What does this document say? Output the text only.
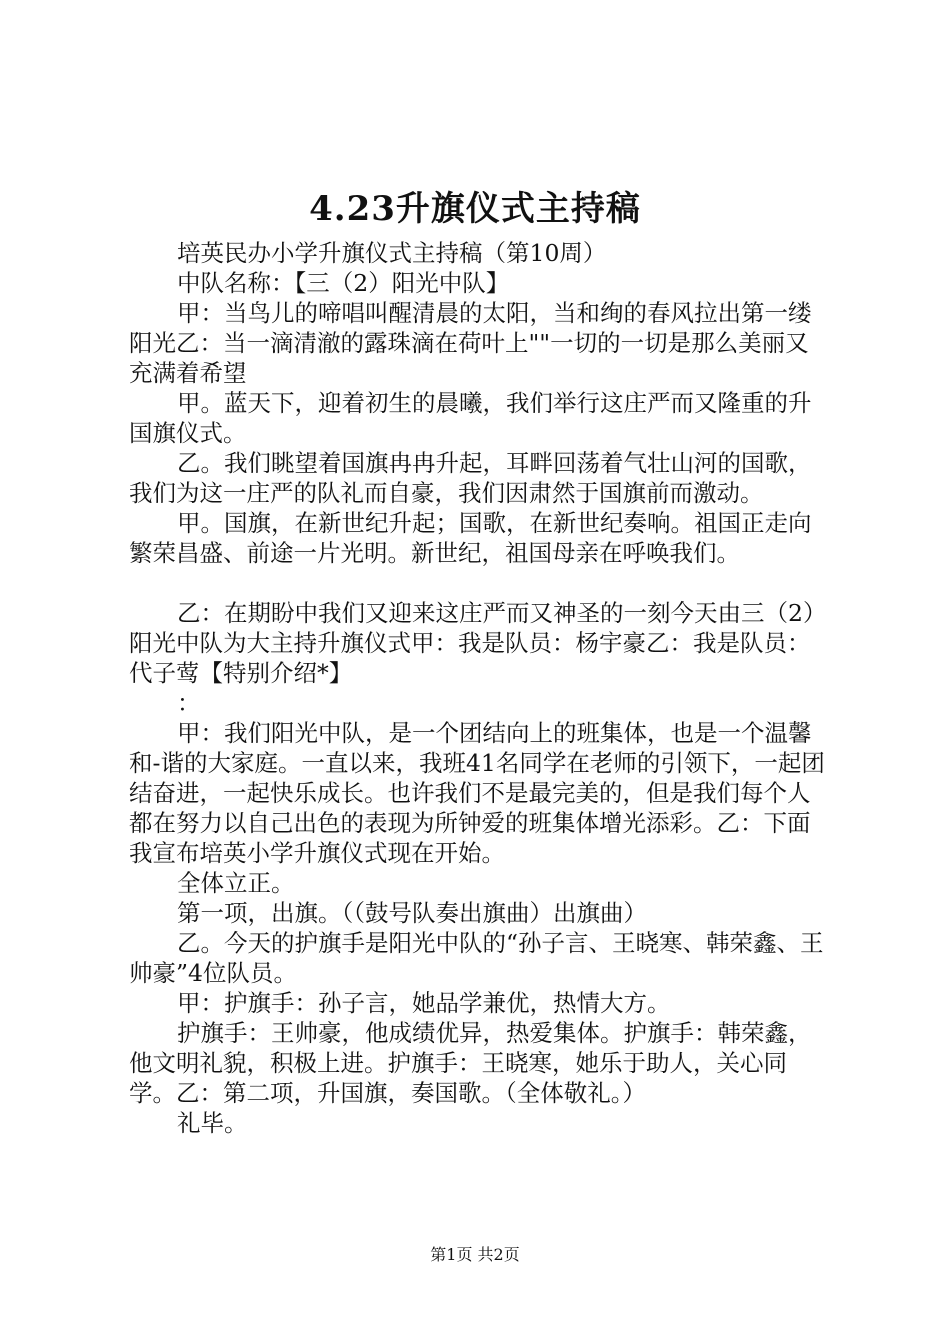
4.23升旗仪式主持稿

培英民办小学升旗仪式主持稿（第10周）

中队名称：【三（2）阳光中队】

甲：当鸟儿的啼唱叫醒清晨的太阳，当和绚的春风拉出第一缕阳光乙：当一滴清澈的露珠滴在荷叶上""一切的一切是那么美丽又充满着希望

甲。蓝天下，迎着初生的晨曦，我们举行这庄严而又隆重的升国旗仪式。

乙。我们眺望着国旗冉冉升起，耳畔回荡着气壮山河的国歌，我们为这一庄严的队礼而自豪，我们因肃然于国旗前而激动。

甲。国旗，在新世纪升起；国歌，在新世纪奏响。祖国正走向繁荣昌盛、前途一片光明。新世纪，祖国母亲在呼唤我们。

乙：在期盼中我们又迎来这庄严而又神圣的一刻今天由三（2）阳光中队为大主持升旗仪式甲：我是队员：杨宇豪乙：我是队员：代子莺【特别介绍*】

：

甲：我们阳光中队，是一个团结向上的班集体，也是一个温馨和-谐的大家庭。一直以来，我班41名同学在老师的引领下，一起团结奋进，一起快乐成长。也许我们不是最完美的，但是我们每个人都在努力以自己出色的表现为所钟爱的班集体增光添彩。乙：下面我宣布培英小学升旗仪式现在开始。

全体立正。

第一项，出旗。（（鼓号队奏出旗曲）出旗曲）

乙。今天的护旗手是阳光中队的“孙子言、王晓寒、韩荣鑫、王帅豪”4位队员。

甲：护旗手：孙子言，她品学兼优，热情大方。

护旗手：王帅豪，他成绩优异，热爱集体。护旗手：韩荣鑫，他文明礼貌，积极上进。护旗手：王晓寒，她乐于助人，关心同学。乙：第二项，升国旗，奏国歌。（全体敬礼。）

礼毕。

第1页 共2页
